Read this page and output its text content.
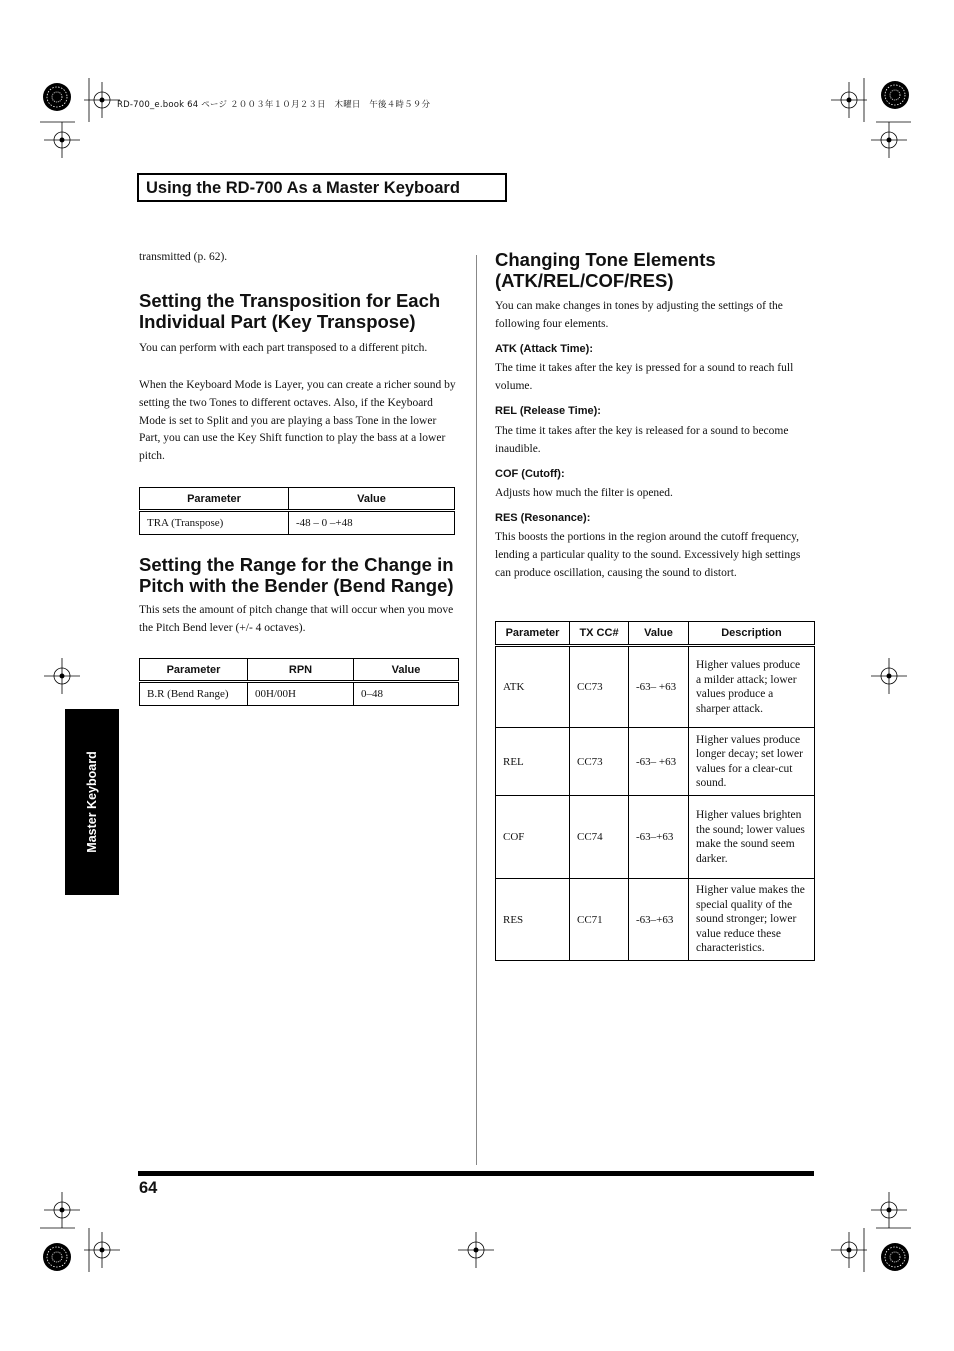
RD-700_e.book 64 ページ ２００３年１０月２３日　木曜日　午後４時５９分
Using the RD-700 As a Master Keyboard
Master Keyboard
transmitted (p. 62).
Setting the Transposition for Each
Individual Part (Key Transpose)
You can perform with each part transposed to a different pitch.
When the Keyboard Mode is Layer, you can create a richer sound by setting the two Tones to different octaves. Also, if the Keyboard Mode is set to Split and you are playing a bass Tone in the lower Part, you can use the Key Shift function to play the bass at a lower pitch.
Parameter	Value
TRA (Transpose)	-48 – 0 –+48
Setting the Range for the Change in
Pitch with the Bender (Bend Range)
This sets the amount of pitch change that will occur when you move the Pitch Bend lever (+/- 4 octaves).
Parameter	RPN	Value
B.R (Bend Range)	00H/00H	0–48
Changing Tone Elements
(ATK/REL/COF/RES)
You can make changes in tones by adjusting the settings of the following four elements.
ATK (Attack Time):
The time it takes after the key is pressed for a sound to reach full volume.
REL (Release Time):
The time it takes after the key is released for a sound to become inaudible.
COF (Cutoff):
Adjusts how much the filter is opened.
RES (Resonance):
This boosts the portions in the region around the cutoff frequency, lending a particular quality to the sound. Excessively high settings can produce oscillation, causing the sound to distort.
Parameter	TX CC#	Value	Description
ATK	CC73	-63– +63	Higher values produce a milder attack; lower values produce a sharper attack.
REL	CC73	-63– +63	Higher values produce longer decay; set lower values for a clear-cut sound.
COF	CC74	-63–+63	Higher values brighten the sound; lower values make the sound seem darker.
RES	CC71	-63–+63	Higher value makes the special quality of the sound stronger; lower value reduce these characteristics.
64
